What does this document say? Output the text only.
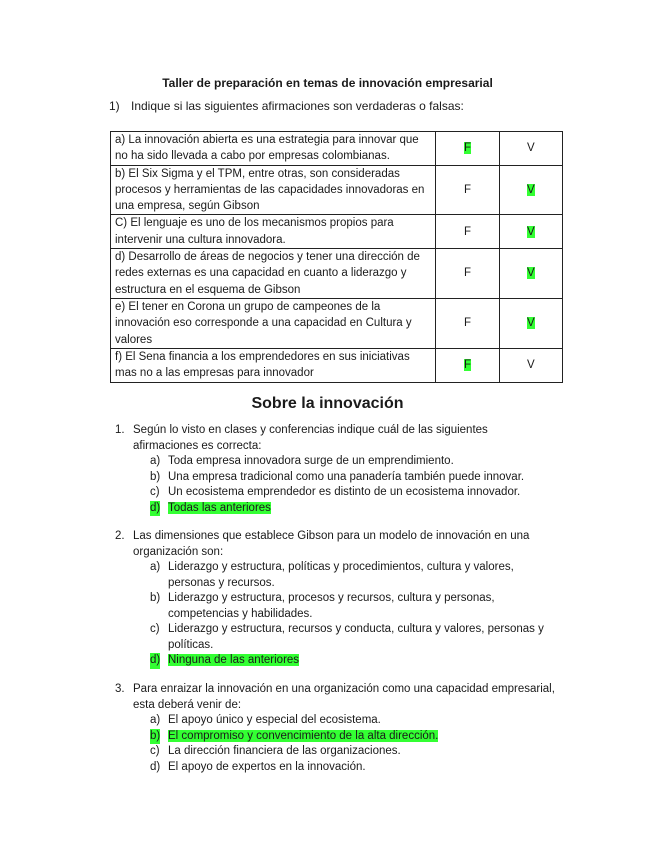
Taller de preparación en temas de innovación empresarial
1) Indique si las siguientes afirmaciones son verdaderas o falsas:
a) La innovación abierta es una estrategia para innovar que no ha sido llevada a cabo por empresas colombianas.	F	V
b) El Six Sigma y el TPM, entre otras, son consideradas procesos y herramientas de las capacidades innovadoras en una empresa, según Gibson	F	V
C) El lenguaje es uno de los mecanismos propios para intervenir una cultura innovadora.	F	V
d) Desarrollo de áreas de negocios y tener una dirección de redes externas es una capacidad en cuanto a liderazgo y estructura en el esquema de Gibson	F	V
e) El tener en Corona un grupo de campeones de la innovación eso corresponde a una capacidad en Cultura y valores	F	V
f) El Sena financia a los emprendedores en sus iniciativas mas no a las empresas para innovador	F	V
Sobre la innovación
1. Según lo visto en clases y conferencias indique cuál de las siguientes afirmaciones es correcta:
a) Toda empresa innovadora surge de un emprendimiento.
b) Una empresa tradicional como una panadería también puede innovar.
c) Un ecosistema emprendedor es distinto de un ecosistema innovador.
d) Todas las anteriores
2. Las dimensiones que establece Gibson para un modelo de innovación en una organización son:
a) Liderazgo y estructura, políticas y procedimientos, cultura y valores, personas y recursos.
b) Liderazgo y estructura, procesos y recursos, cultura y personas, competencias y habilidades.
c) Liderazgo y estructura, recursos y conducta, cultura y valores, personas y políticas.
d) Ninguna de las anteriores
3. Para enraizar la innovación en una organización como una capacidad empresarial, esta deberá venir de:
a) El apoyo único y especial del ecosistema.
b) El compromiso y convencimiento de la alta dirección.
c) La dirección financiera de las organizaciones.
d) El apoyo de expertos en la innovación.
